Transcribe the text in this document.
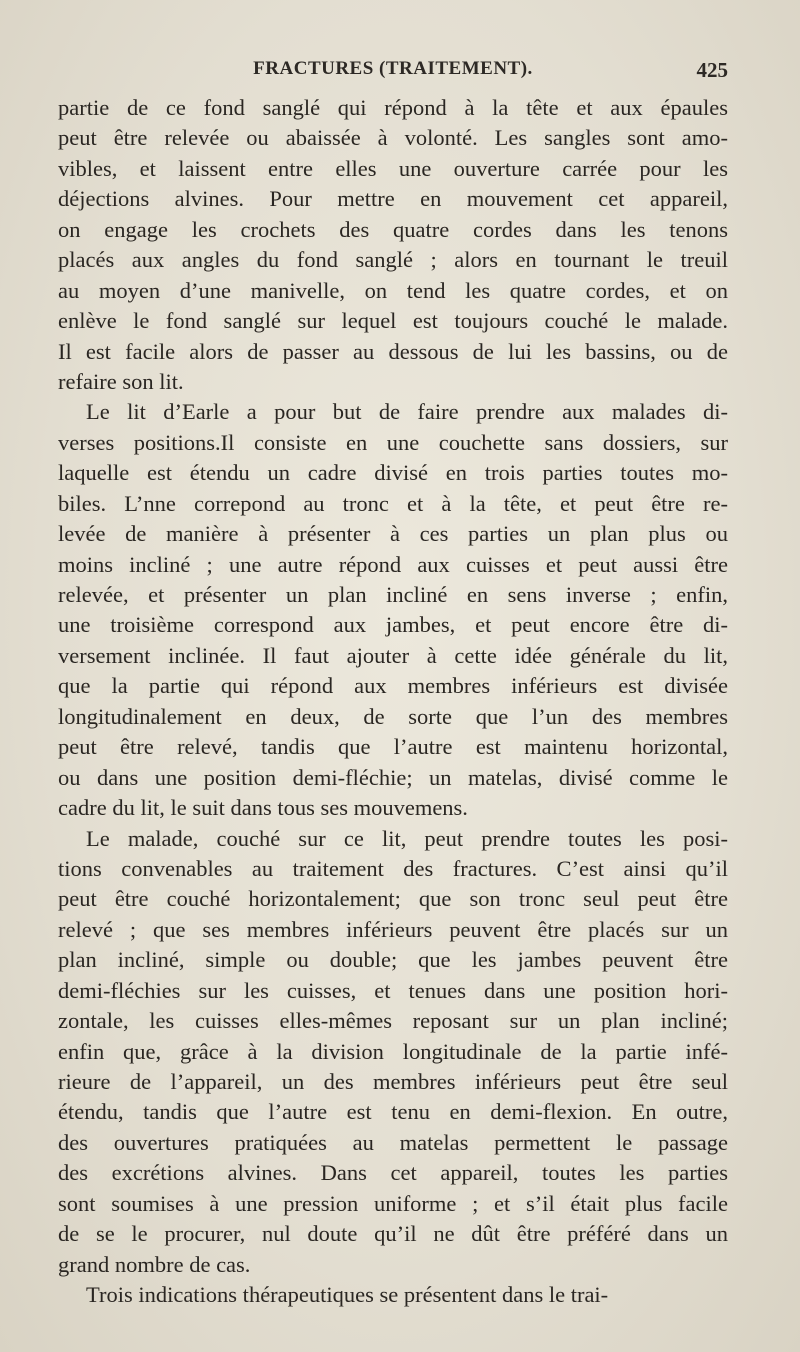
FRACTURES (TRAITEMENT).	425
partie de ce fond sanglé qui répond à la tête et aux épaules
peut être relevée ou abaissée à volonté. Les sangles sont amo-
vibles, et laissent entre elles une ouverture carrée pour les
déjections alvines. Pour mettre en mouvement cet appareil,
on engage les crochets des quatre cordes dans les tenons
placés aux angles du fond sanglé ; alors en tournant le treuil
au moyen d’une manivelle, on tend les quatre cordes, et on
enlève le fond sanglé sur lequel est toujours couché le malade.
Il est facile alors de passer au dessous de lui les bassins, ou de
refaire son lit.
Le lit d’Earle a pour but de faire prendre aux malades di-
verses positions.Il consiste en une couchette sans dossiers, sur
laquelle est étendu un cadre divisé en trois parties toutes mo-
biles. L’nne correpond au tronc et à la tête, et peut être re-
levée de manière à présenter à ces parties un plan plus ou
moins incliné ; une autre répond aux cuisses et peut aussi être
relevée, et présenter un plan incliné en sens inverse ; enfin,
une troisième correspond aux jambes, et peut encore être di-
versement inclinée. Il faut ajouter à cette idée générale du lit,
que la partie qui répond aux membres inférieurs est divisée
longitudinalement en deux, de sorte que l’un des membres
peut être relevé, tandis que l’autre est maintenu horizontal,
ou dans une position demi-fléchie; un matelas, divisé comme le
cadre du lit, le suit dans tous ses mouvemens.
Le malade, couché sur ce lit, peut prendre toutes les posi-
tions convenables au traitement des fractures. C’est ainsi qu’il
peut être couché horizontalement; que son tronc seul peut être
relevé ; que ses membres inférieurs peuvent être placés sur un
plan incliné, simple ou double; que les jambes peuvent être
demi-fléchies sur les cuisses, et tenues dans une position hori-
zontale, les cuisses elles-mêmes reposant sur un plan incliné;
enfin que, grâce à la division longitudinale de la partie infé-
rieure de l’appareil, un des membres inférieurs peut être seul
étendu, tandis que l’autre est tenu en demi-flexion. En outre,
des ouvertures pratiquées au matelas permettent le passage
des excrétions alvines. Dans cet appareil, toutes les parties
sont soumises à une pression uniforme ; et s’il était plus facile
de se le procurer, nul doute qu’il ne dût être préféré dans un
grand nombre de cas.
Trois indications thérapeutiques se présentent dans le trai-
